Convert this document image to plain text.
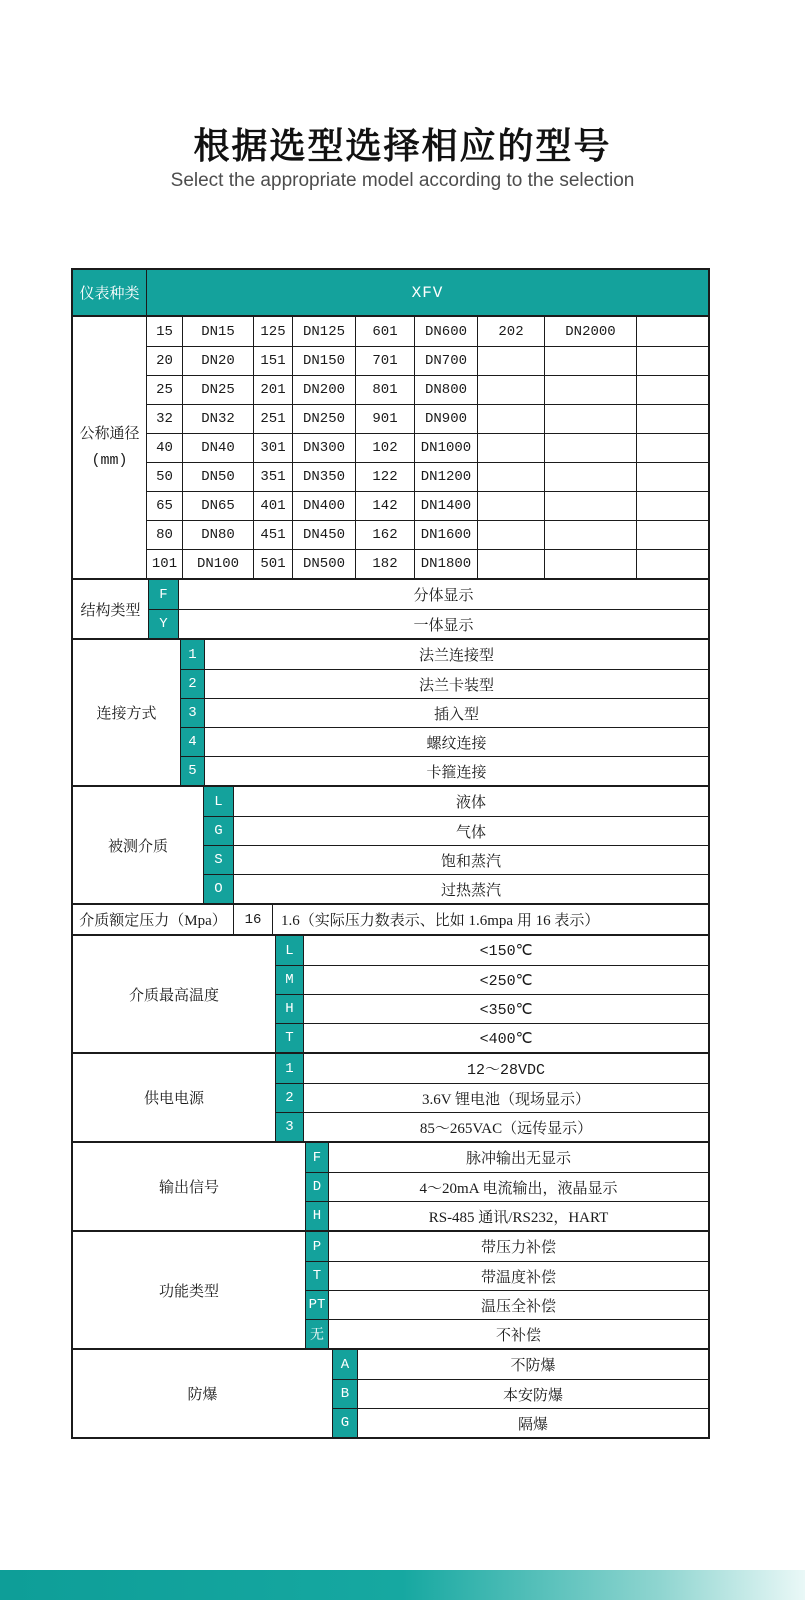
根据选型选择相应的型号
Select the appropriate model according to the selection
仪表种类	XFV
公称通径
(mm)
15	DN15	125	DN125	601	DN600	202	DN2000
20	DN20	151	DN150	701	DN700
25	DN25	201	DN200	801	DN800
32	DN32	251	DN250	901	DN900
40	DN40	301	DN300	102	DN1000
50	DN50	351	DN350	122	DN1200
65	DN65	401	DN400	142	DN1400
80	DN80	451	DN450	162	DN1600
101	DN100	501	DN500	182	DN1800
结构类型
F	分体显示
Y	一体显示
连接方式
1	法兰连接型
2	法兰卡装型
3	插入型
4	螺纹连接
5	卡箍连接
被测介质
L	液体
G	气体
S	饱和蒸汽
O	过热蒸汽
介质额定压力（Mpa）	16	1.6（实际压力数表示、比如 1.6mpa 用 16 表示）
介质最高温度
L	<150℃
M	<250℃
H	<350℃
T	<400℃
供电电源
1	12～28VDC
2	3.6V 锂电池（现场显示）
3	85～265VAC（远传显示）
输出信号
F	脉冲输出无显示
D	4～20mA 电流输出，液晶显示
H	RS-485 通讯/RS232，HART
功能类型
P	带压力补偿
T	带温度补偿
PT	温压全补偿
无	不补偿
防爆
A	不防爆
B	本安防爆
G	隔爆
